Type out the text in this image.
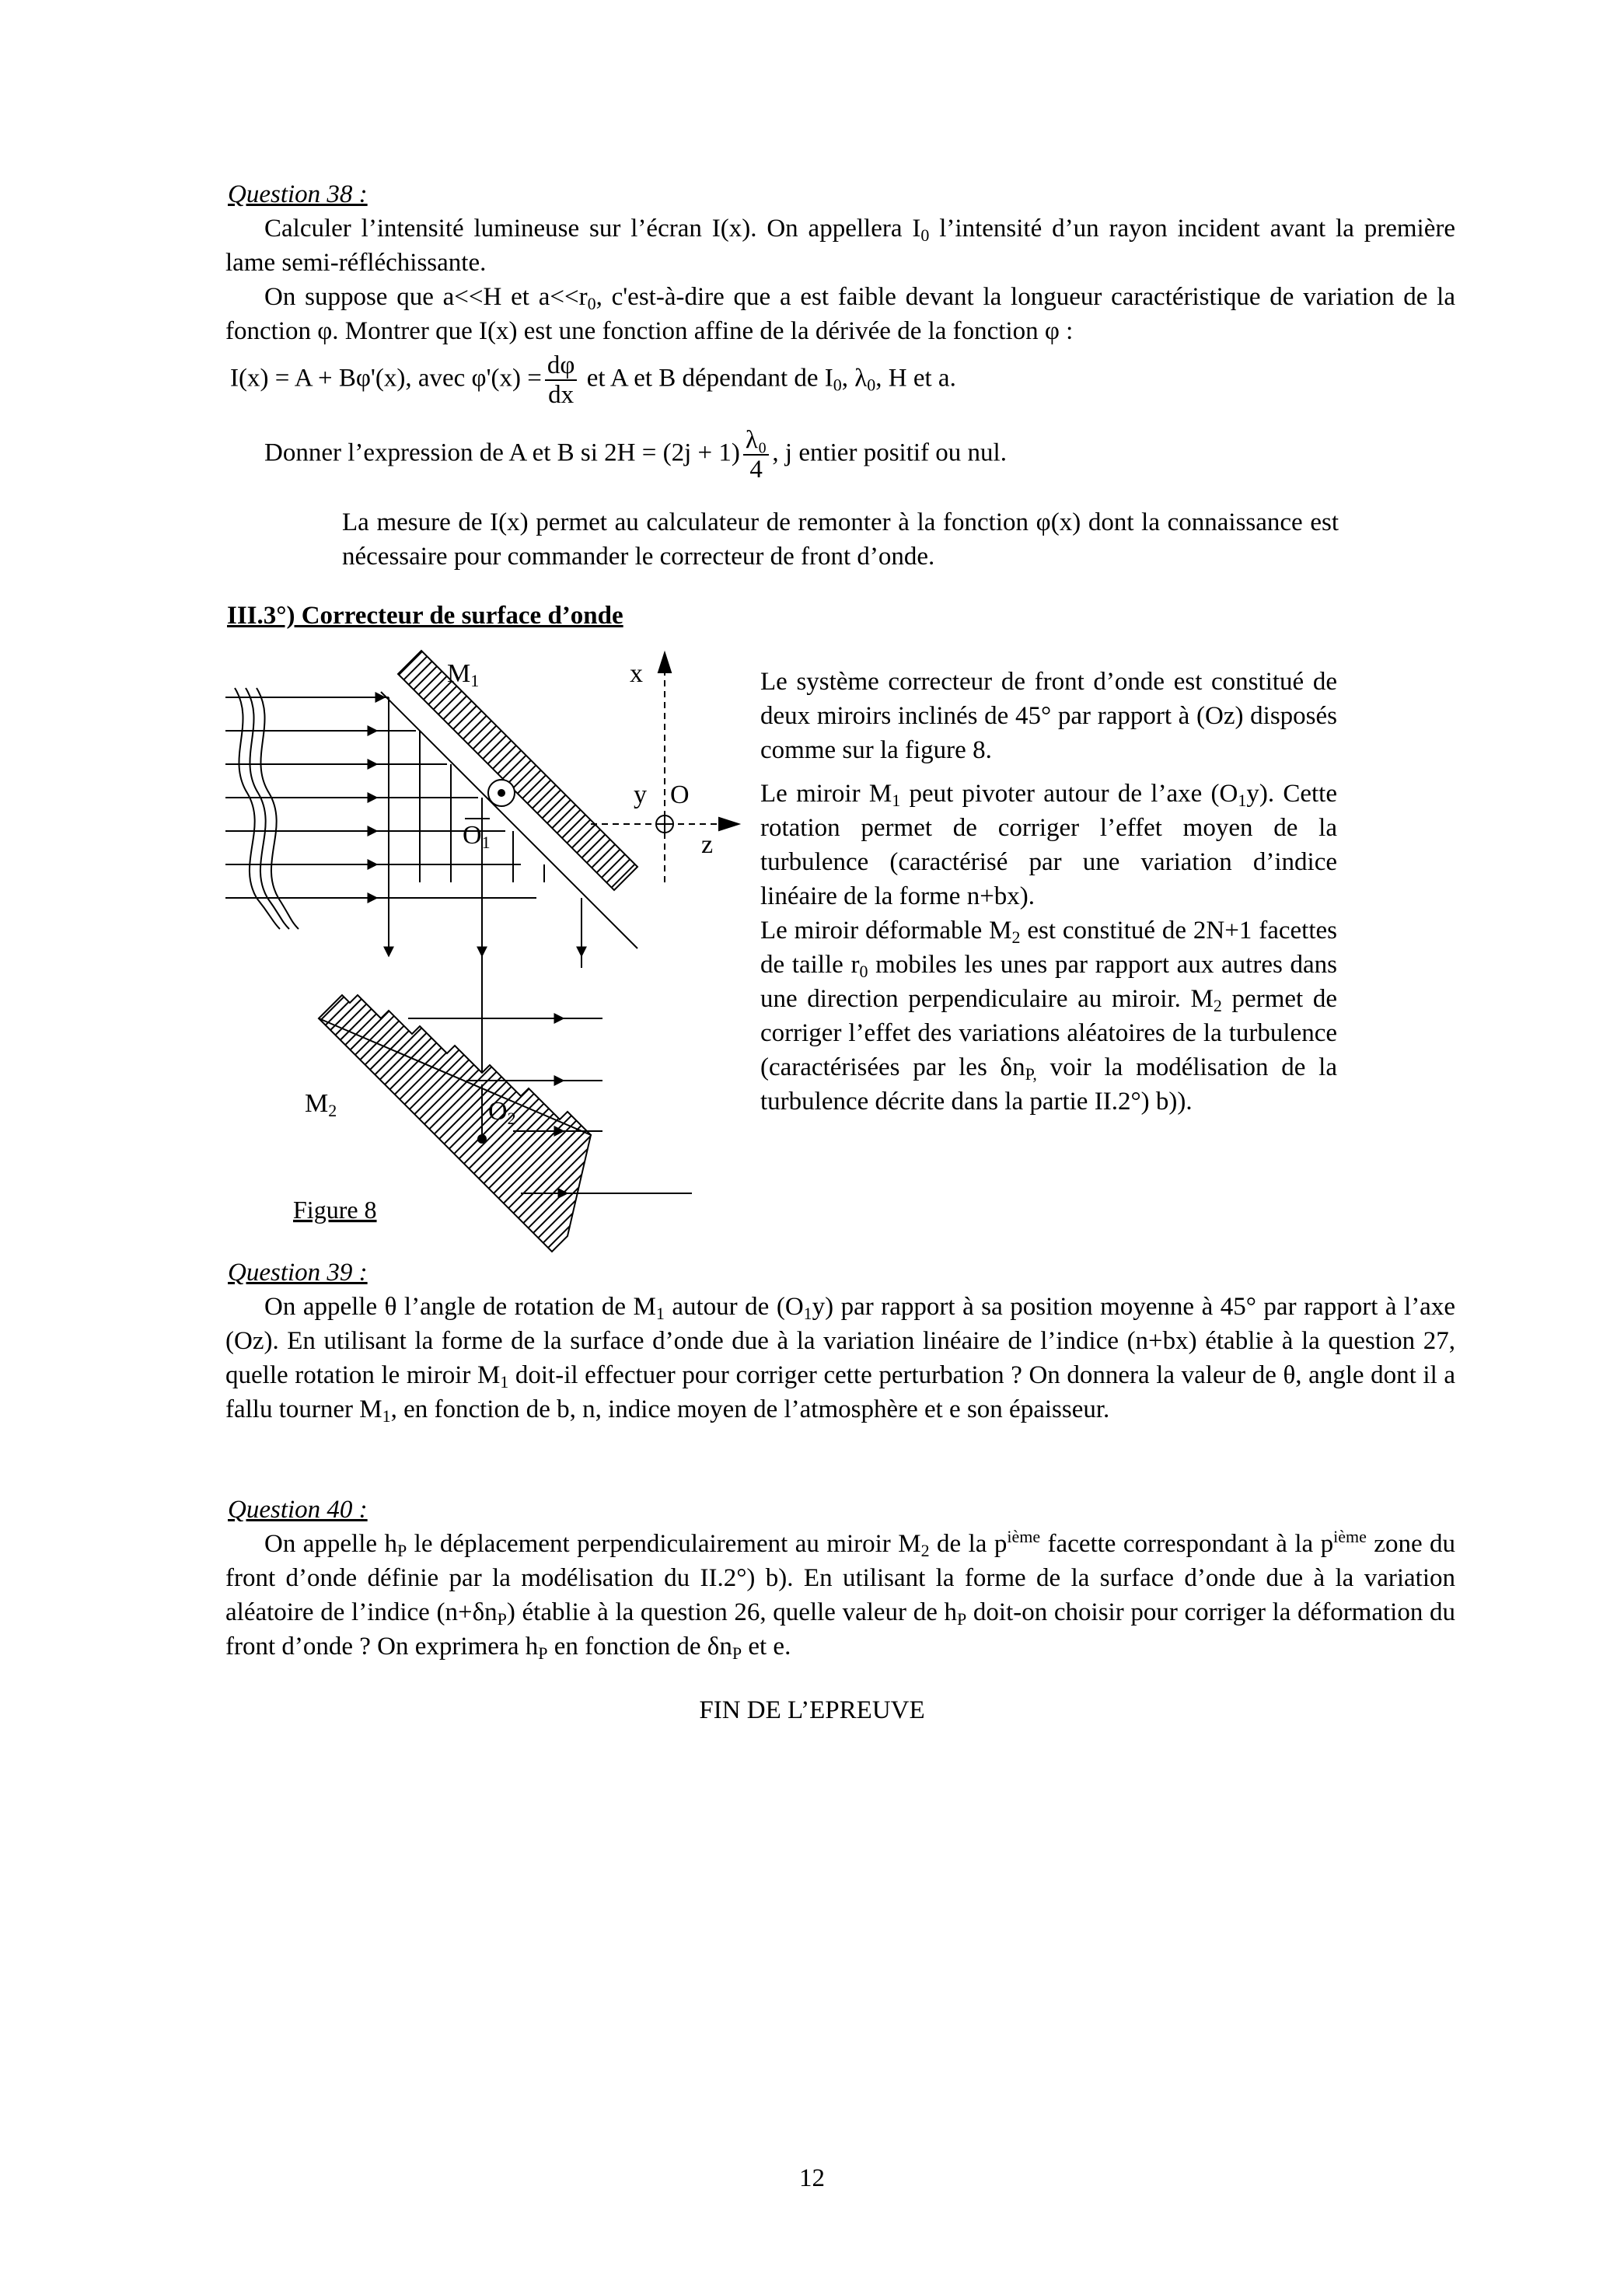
Question 38 :
Calculer l’intensité lumineuse sur l’écran I(x). On appellera $I_0$ l’intensité d’un rayon incident avant la première lame semi-réfléchissante.
On suppose que a<<H et $a<<r_0$, c'est-à-dire que a est faible devant la longueur caractéristique de variation de la fonction φ. Montrer que I(x) est une fonction affine de la dérivée de la fonction φ :
I(x) = A + Bφ'(x), avec $\varphi'(x) = \frac{d\varphi}{dx}$ et A et B dépendant de $I_0$, $\lambda_0$, H et a.
Donner l’expression de A et B si $2H = (2j + 1) \frac{\text{λ₀}}{4}$ , j entier positif ou nul.
La mesure de I(x) permet au calculateur de remonter à la fonction φ(x) dont la connaissance est nécessaire pour commander le correcteur de front d’onde.
III.3°) Correcteur de surface d’onde
M1
O1
M2	O2
x
y O
z
Figure 8
Le système correcteur de front d’onde est constitué de deux miroirs inclinés de 45° par rapport à (Oz) disposés comme sur la figure 8.
Le miroir $M_1$ peut pivoter autour de l’axe $(O_1y)$. Cette rotation permet de corriger l’effet moyen de la turbulence (caractérisé par une variation d’indice linéaire de la forme n+bx).
Le miroir déformable $M_2$ est constitué de 2N+1 facettes de taille $r_0$ mobiles les unes par rapport aux autres dans une direction perpendiculaire au miroir. $M_2$ permet de corriger l’effet des variations aléatoires de la turbulence (caractérisées par les $\delta n_{P,}$ voir la modélisation de la turbulence décrite dans la partie II.2°) b)).
Question 39 :
On appelle θ l’angle de rotation de $M_1$ autour de $(O_1y)$ par rapport à sa position moyenne à 45° par rapport à l’axe (Oz). En utilisant la forme de la surface d’onde due à la variation linéaire de l’indice (n+bx) établie à la question 27, quelle rotation le miroir $M_1$ doit-il effectuer pour corriger cette perturbation ? On donnera la valeur de θ, angle dont il a fallu tourner $M_1$, en fonction de b, n, indice moyen de l’atmosphère et e son épaisseur.
Question 40 :
On appelle $h_P$ le déplacement perpendiculairement au miroir $M_2$ de la $p^{ième}$ facette correspondant à la $p^{ième}$ zone du front d’onde définie par la modélisation du II.2°) b). En utilisant la forme de la surface d’onde due à la variation aléatoire de l’indice $(n+\delta n_P)$ établie à la question 26, quelle valeur de $h_P$ doit-on choisir pour corriger la déformation du front d’onde ? On exprimera $h_P$ en fonction de $\delta n_P$ et e.
FIN DE L’EPREUVE
12
